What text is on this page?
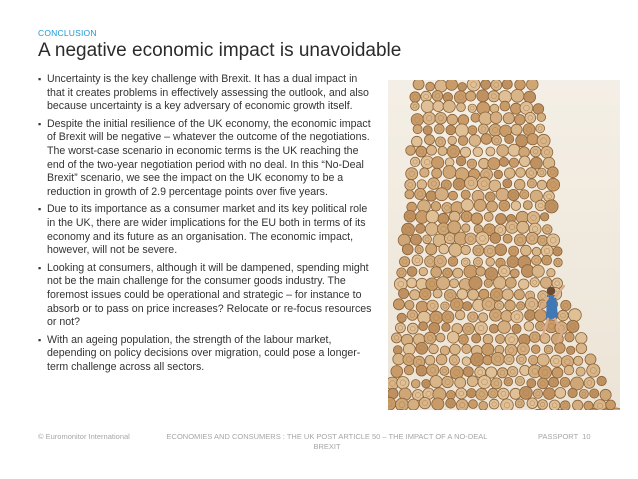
CONCLUSION
A negative economic impact is unavoidable
▪ Uncertainty is the key challenge with Brexit. It has a dual impact in that it creates problems in effectively assessing the outlook, and also because uncertainty is a key adversary of economic growth itself.
▪ Despite the initial resilience of the UK economy, the economic impact of Brexit will be negative – whatever the outcome of the negotiations. The worst-case scenario in economic terms is the UK reaching the end of the two-year negotiation period with no deal. In this “No-Deal Brexit” scenario, we see the impact on the UK economy to be a reduction in growth of 2.9 percentage points over five years.
▪ Due to its importance as a consumer market and its key political role in the UK, there are wider implications for the EU both in terms of its economy and its future as an organisation. The economic impact, however, will not be severe.
▪ Looking at consumers, although it will be dampened, spending might not be the main challenge for the consumer goods industry. The foremost issues could be operational and strategic – for instance to absorb or to pass on price increases? Relocate or re-focus resources or not?
▪ With an ageing population, the strength of the labour market, depending on policy decisions over migration, could pose a longer-term challenge across all sectors.
© Euromonitor International	ECONOMIES AND CONSUMERS : THE UK POST ARTICLE 50 – THE IMPACT OF A NO-DEAL BREXIT
PASSPORT 10
